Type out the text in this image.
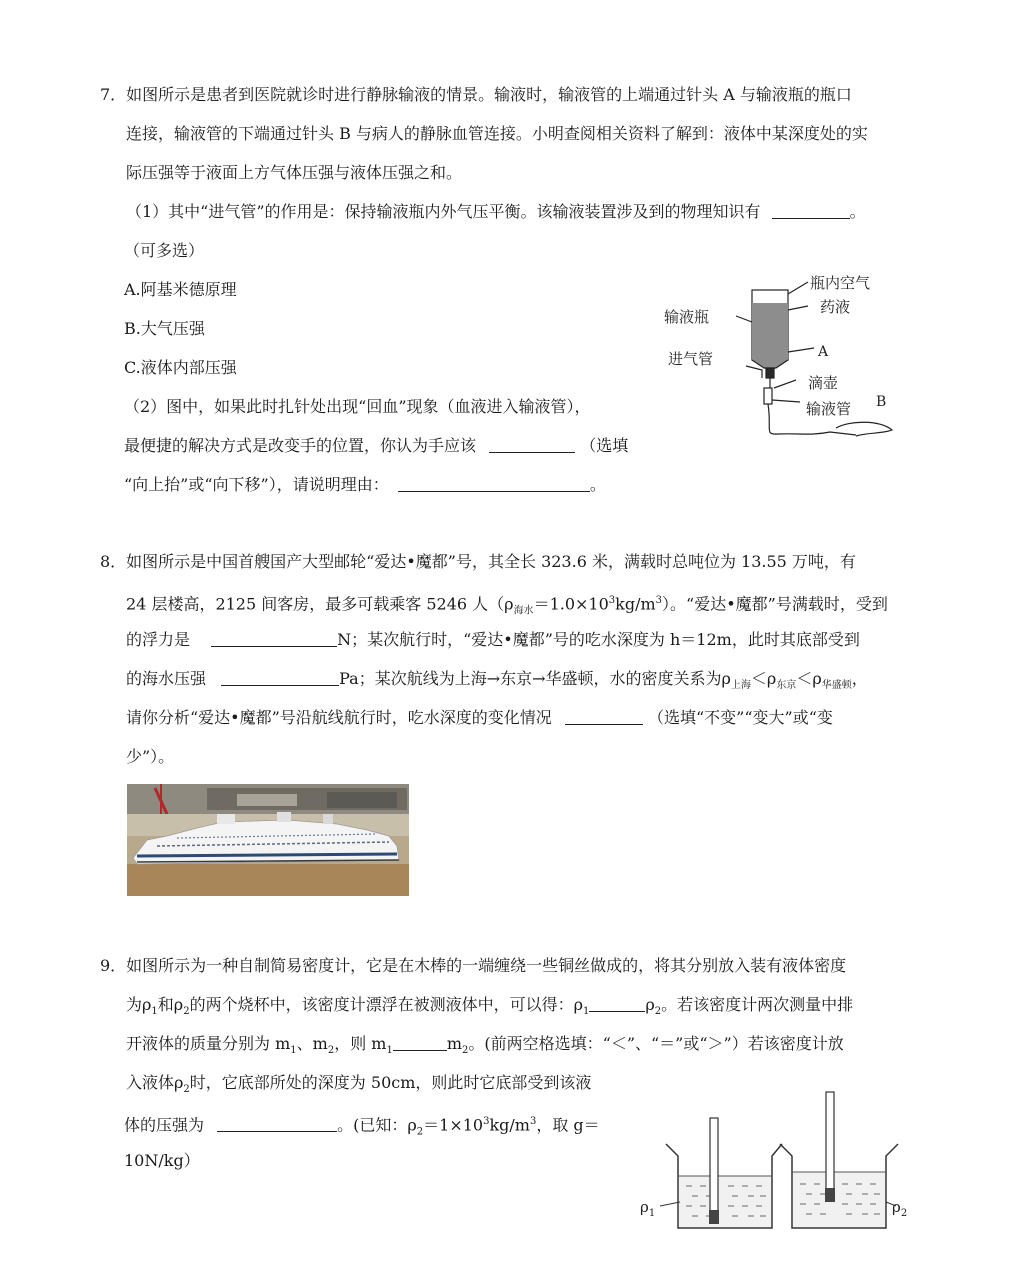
7．如图所示是患者到医院就诊时进行静脉输液的情景。输液时，输液管的上端通过针头 A 与输液瓶的瓶口
连接，输液管的下端通过针头 B 与病人的静脉血管连接。小明查阅相关资料了解到：液体中某深度处的实
际压强等于液面上方气体压强与液体压强之和。
（1）其中“进气管”的作用是：保持输液瓶内外气压平衡。该输液装置涉及到的物理知识有	。
（可多选）
A.阿基米德原理
B.大气压强
C.液体内部压强
（2）图中，如果此时扎针处出现“回血”现象（血液进入输液管），
最便捷的解决方式是改变手的位置，你认为手应该	（选填
“向上抬”或“向下移”），请说明理由：	。
瓶内空气
药液
输液瓶
A
进气管
滴壶
输液管 B
8．如图所示是中国首艘国产大型邮轮“爱达•魔都”号，其全长 323.6 米，满载时总吨位为 13.55 万吨，有
24 层楼高，2125 间客房，最多可载乘客 5246 人$(\rho_{海水}=1.0\times 10^3kg/m^3)$。“爱达•魔都”号满载时，受到
的浮力是	N；某次航行时，“爱达•魔都”号的吃水深度为 h＝12m，此时其底部受到
的海水压强	Pa；某次航线为上海→东京→华盛顿，水的密度关系为$\rho_{上海}<\rho_{东京}<\rho_{华盛顿}$，
请你分析“爱达•魔都”号沿航线航行时，吃水深度的变化情况	（选填“不变”“变大”或“变
少”）。
9．如图所示为一种自制简易密度计，它是在木棒的一端缠绕一些铜丝做成的，将其分别放入装有液体密度
为$\rho_1$和$\rho_2$的两个烧杯中，该密度计漂浮在被测液体中，可以得：$\rho_1$	$\rho_2$。若该密度计两次测量中排
开液体的质量分别为 $m_1$、$m_2$，则 $m_1$	$m_2$。(前两空格选填：“＜”、“＝”或“＞”）若该密度计放
入液体$\rho_2$时，它底部所处的深度为 50cm，则此时它底部受到该液
体的压强为	。(已知：$\rho_2=1\times 10^3kg/m^3$，取 g＝
10N/kg）
$\rho_1$	$\rho_2$
